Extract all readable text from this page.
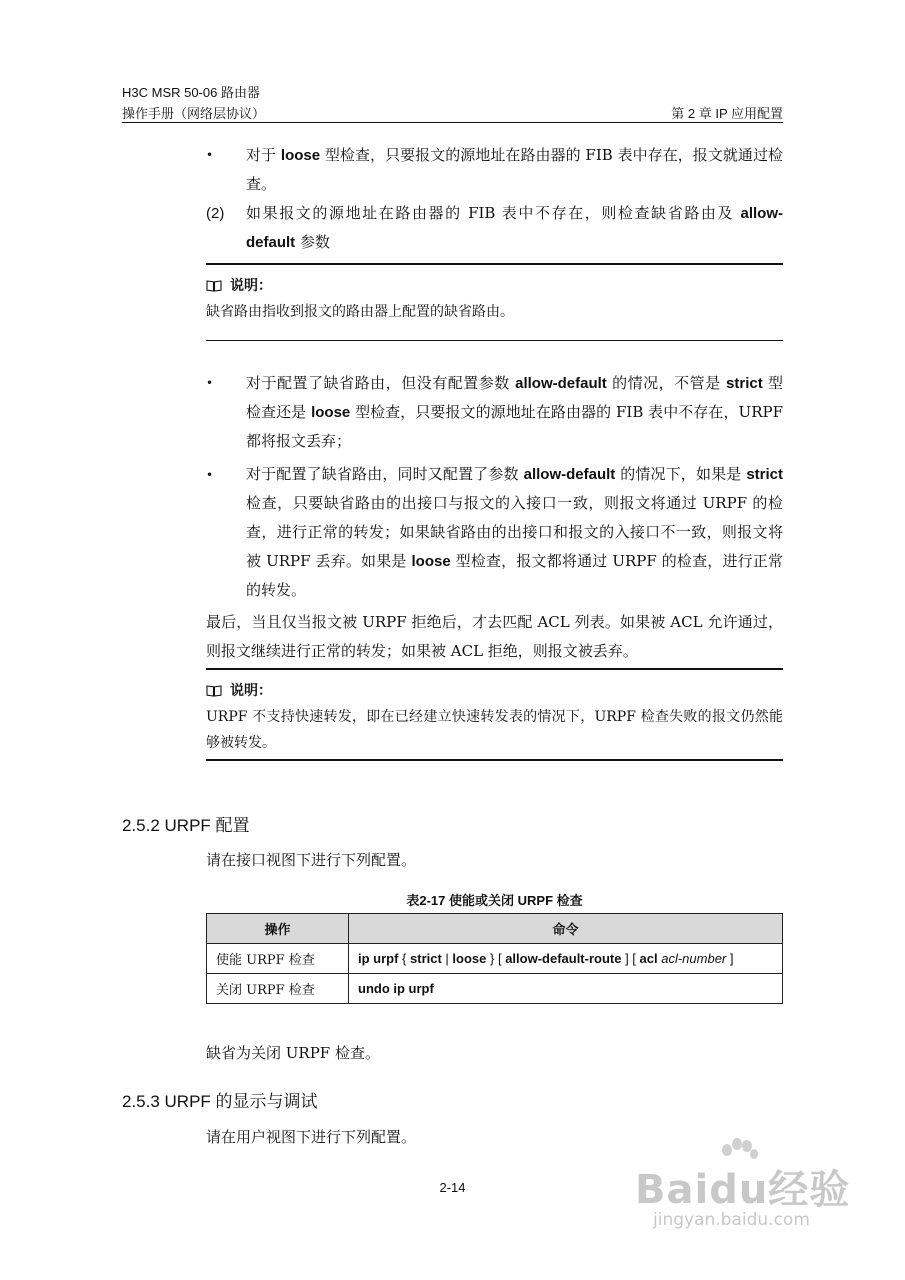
H3C MSR 50-06 路由器
操作手册（网络层协议）	第 2 章 IP 应用配置
• 对于 loose 型检查，只要报文的源地址在路由器的 FIB 表中存在，报文就通过检查。
(2) 如果报文的源地址在路由器的 FIB 表中不存在，则检查缺省路由及 allow-default 参数
说明：
缺省路由指收到报文的路由器上配置的缺省路由。
• 对于配置了缺省路由，但没有配置参数 allow-default 的情况，不管是 strict 型检查还是 loose 型检查，只要报文的源地址在路由器的 FIB 表中不存在，URPF 都将报文丢弃；
• 对于配置了缺省路由，同时又配置了参数 allow-default 的情况下，如果是 strict 检查，只要缺省路由的出接口与报文的入接口一致，则报文将通过 URPF 的检查，进行正常的转发；如果缺省路由的出接口和报文的入接口不一致，则报文将被 URPF 丢弃。如果是 loose 型检查，报文都将通过 URPF 的检查，进行正常的转发。
最后，当且仅当报文被 URPF 拒绝后，才去匹配 ACL 列表。如果被 ACL 允许通过，则报文继续进行正常的转发；如果被 ACL 拒绝，则报文被丢弃。
说明：
URPF 不支持快速转发，即在已经建立快速转发表的情况下，URPF 检查失败的报文仍然能够被转发。
2.5.2 URPF 配置
请在接口视图下进行下列配置。
表2-17 使能或关闭 URPF 检查
操作	命令
使能 URPF 检查	ip urpf { strict | loose } [ allow-default-route ] [ acl acl-number ]
关闭 URPF 检查	undo ip urpf
缺省为关闭 URPF 检查。
2.5.3 URPF 的显示与调试
请在用户视图下进行下列配置。
2-14	Baidu经验
jingyan.baidu.com
